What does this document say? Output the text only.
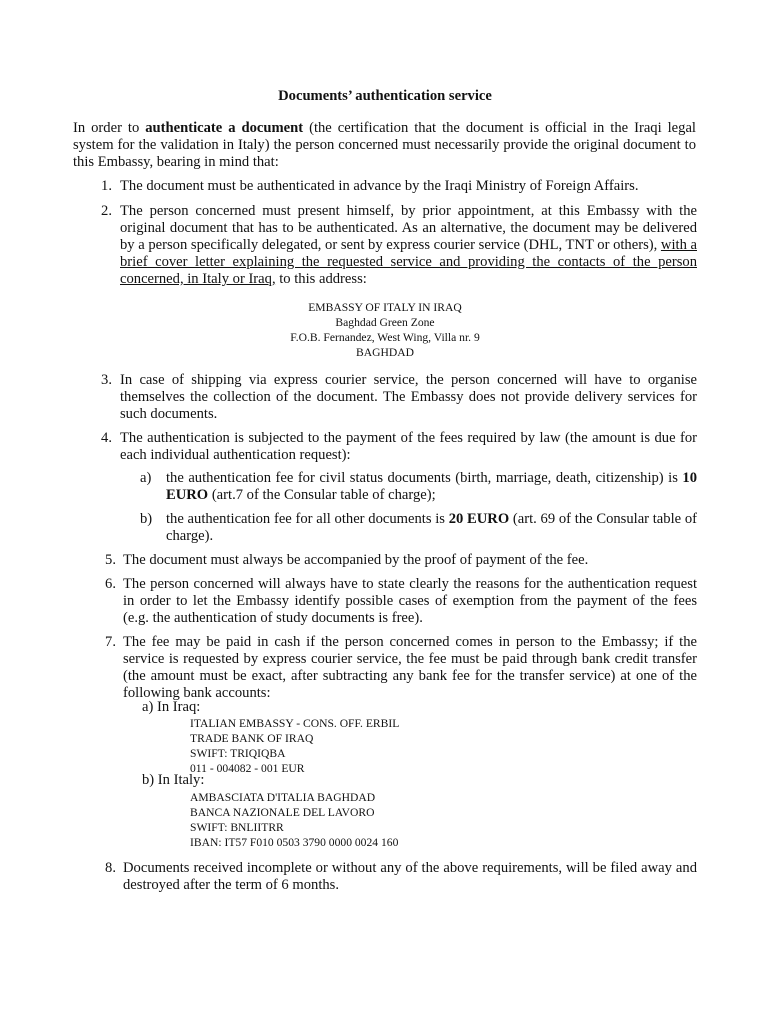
Documents’ authentication service
In order to authenticate a document (the certification that the document is official in the Iraqi legal system for the validation in Italy) the person concerned must necessarily provide the original document to this Embassy, bearing in mind that:
1. The document must be authenticated in advance by the Iraqi Ministry of Foreign Affairs.
2. The person concerned must present himself, by prior appointment, at this Embassy with the original document that has to be authenticated. As an alternative, the document may be delivered by a person specifically delegated, or sent by express courier service (DHL, TNT or others), with a brief cover letter explaining the requested service and providing the contacts of the person concerned, in Italy or Iraq, to this address:
EMBASSY OF ITALY IN IRAQ
Baghdad Green Zone
F.O.B. Fernandez, West Wing, Villa nr. 9
BAGHDAD
3. In case of shipping via express courier service, the person concerned will have to organise themselves the collection of the document. The Embassy does not provide delivery services for such documents.
4. The authentication is subjected to the payment of the fees required by law (the amount is due for each individual authentication request):
a)	the authentication fee for civil status documents (birth, marriage, death, citizenship) is 10 EURO (art.7 of the Consular table of charge);
b) the authentication fee for all other documents is 20 EURO (art. 69 of the Consular table of charge).
5. The document must always be accompanied by the proof of payment of the fee.
6. The person concerned will always have to state clearly the reasons for the authentication request in order to let the Embassy identify possible cases of exemption from the payment of the fees (e.g. the authentication of study documents is free).
7. The fee may be paid in cash if the person concerned comes in person to the Embassy; if the service is requested by express courier service, the fee must be paid through bank credit transfer (the amount must be exact, after subtracting any bank fee for the transfer service) at one of the following bank accounts:
a) In Iraq:
ITALIAN EMBASSY - CONS. OFF. ERBIL
TRADE BANK OF IRAQ
SWIFT: TRIQIQBA
011 - 004082 - 001 EUR
b) In Italy:
AMBASCIATA D'ITALIA BAGHDAD
BANCA NAZIONALE DEL LAVORO
SWIFT: BNLIITRR
IBAN: IT57 F010 0503 3790 0000 0024 160
8. Documents received incomplete or without any of the above requirements, will be filed away and destroyed after the term of 6 months.
